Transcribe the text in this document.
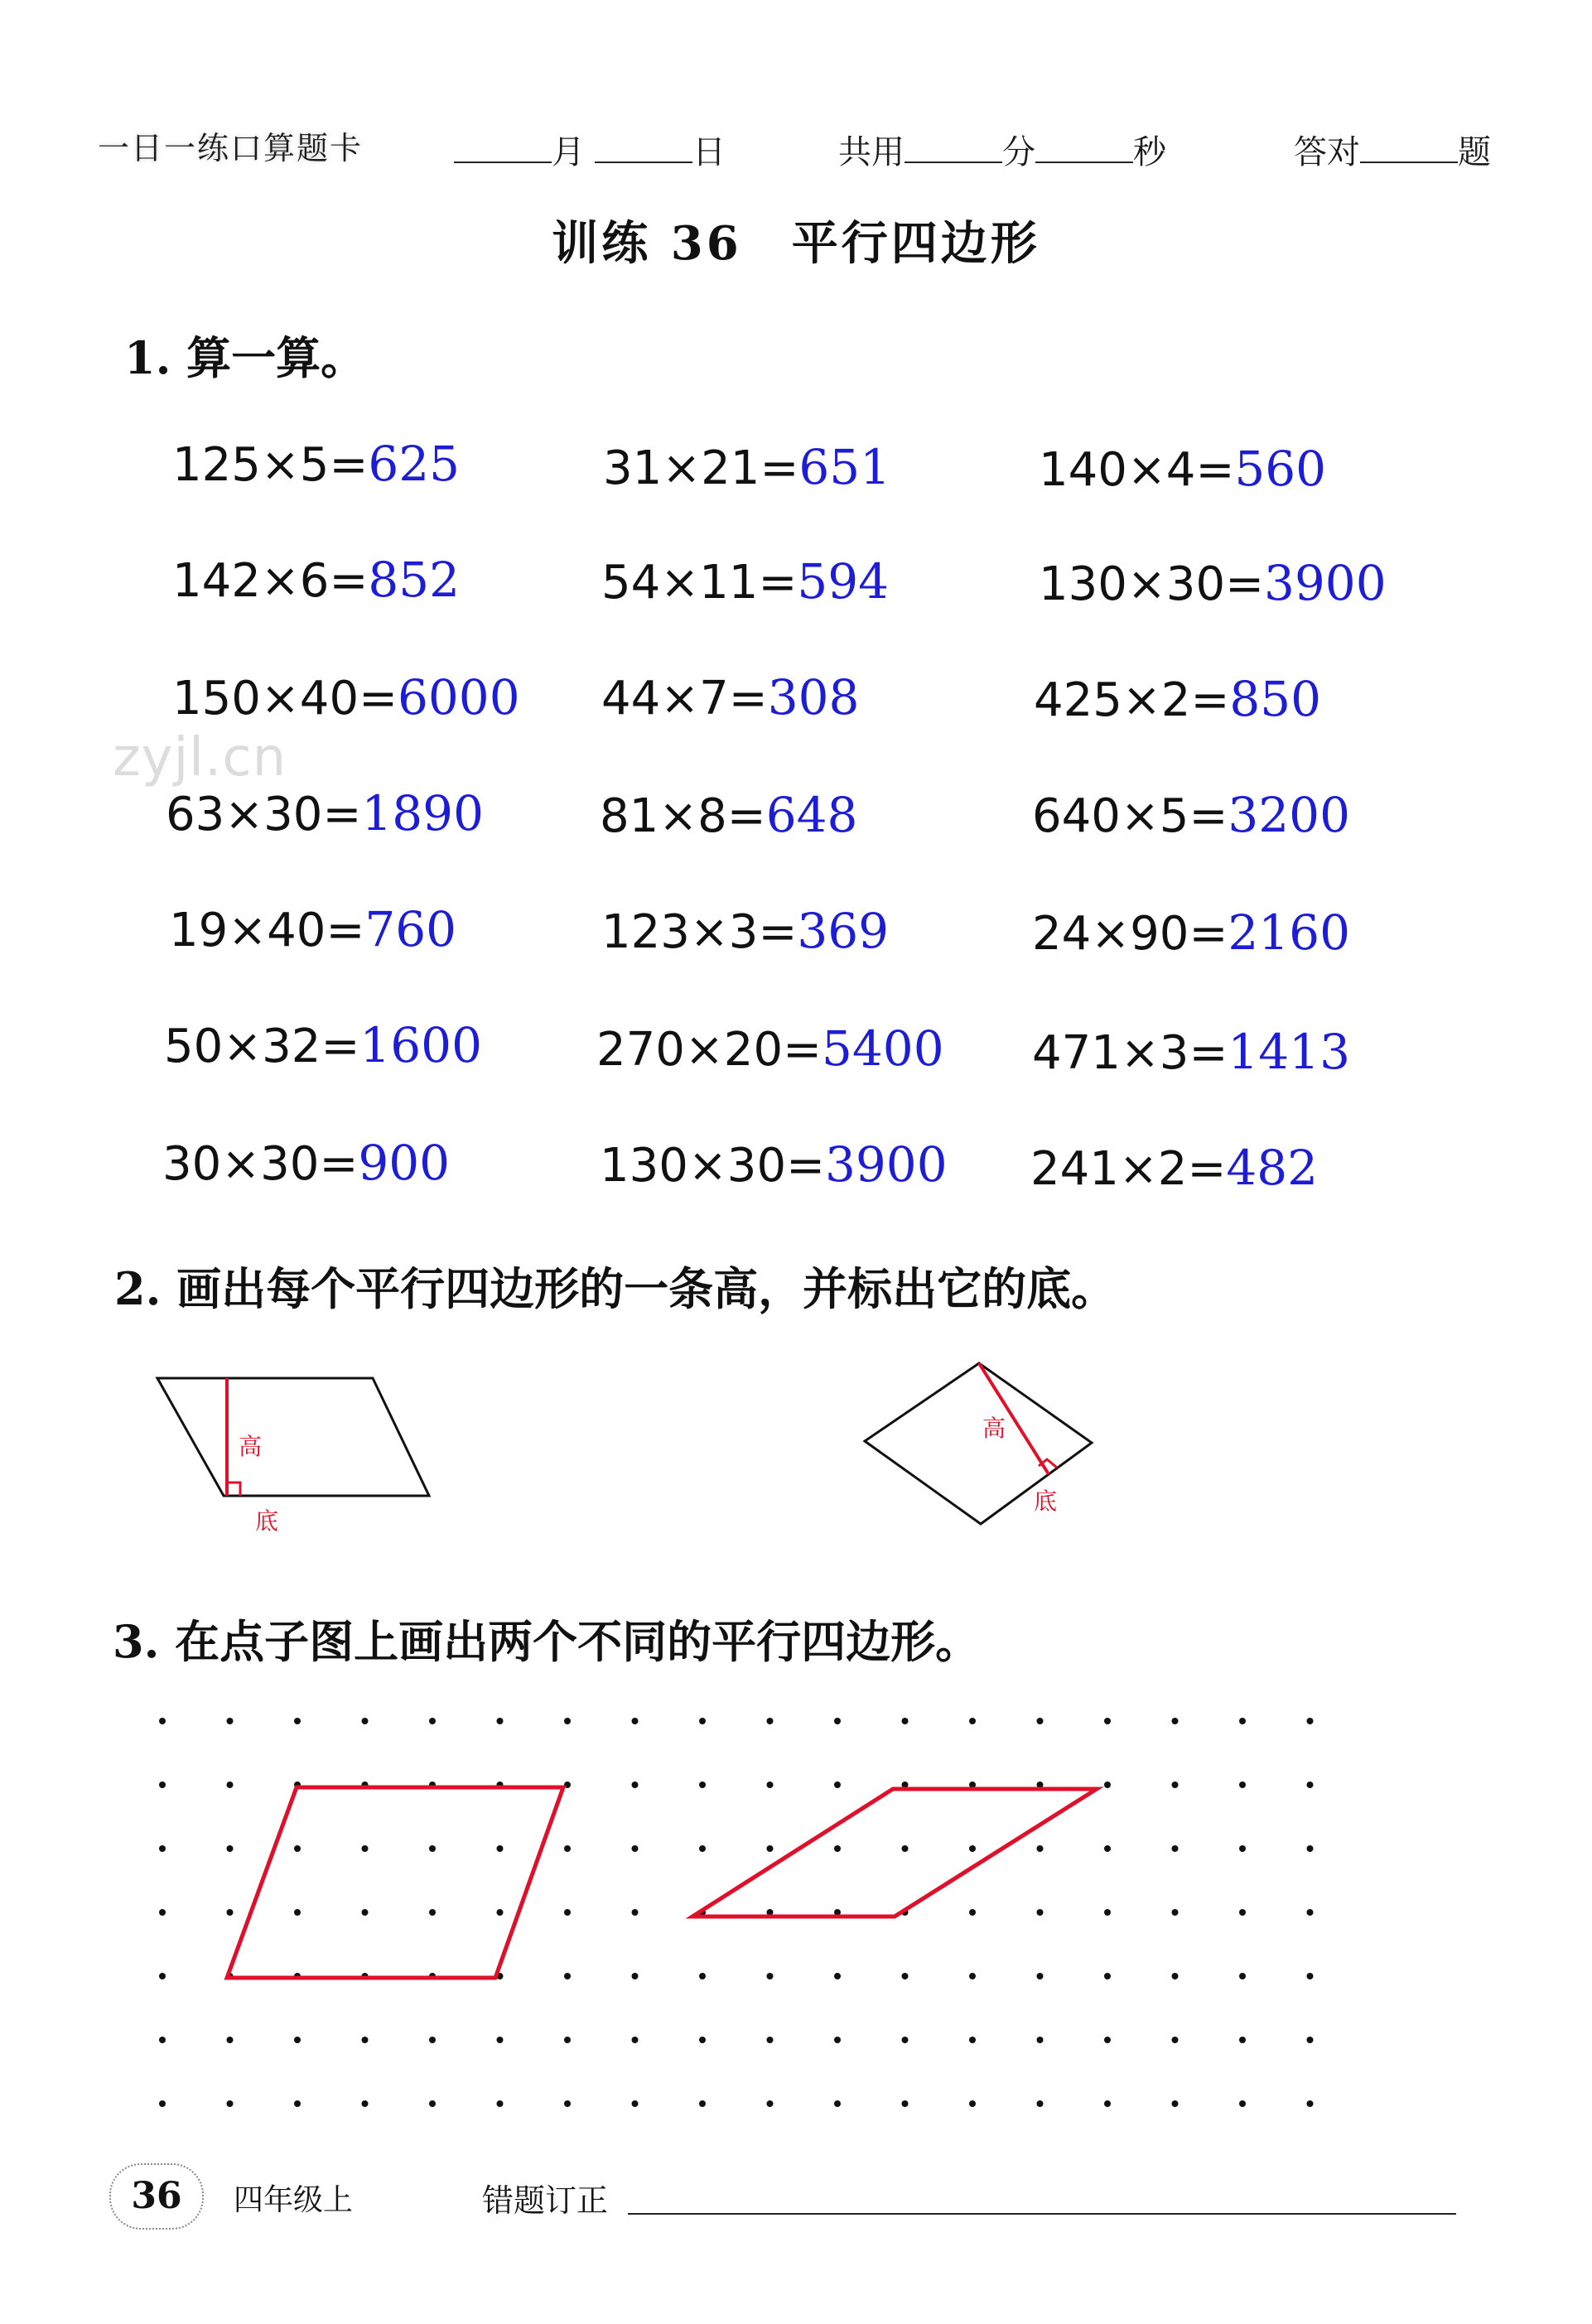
一日一练口算题卡	月	日	共用	分	秒	答对	题
训练 36　平行四边形
1. 算一算。
125×5=625	31×21=651	140×4=560
142×6=852	54×11=594	130×30=3900
150×40=6000 44×7=308	425×2=850
63×30=1890	81×8=648	640×5=3200
19×40=760	123×3=369	24×90=2160
50×32=1600 270×20=5400 471×3=1413
30×30=900	130×30=3900 241×2=482
zyjl.cn
2. 画出每个平行四边形的一条高，并标出它的底。
高
底
高
底
3. 在点子图上画出两个不同的平行四边形。
36	四年级上	错题订正
